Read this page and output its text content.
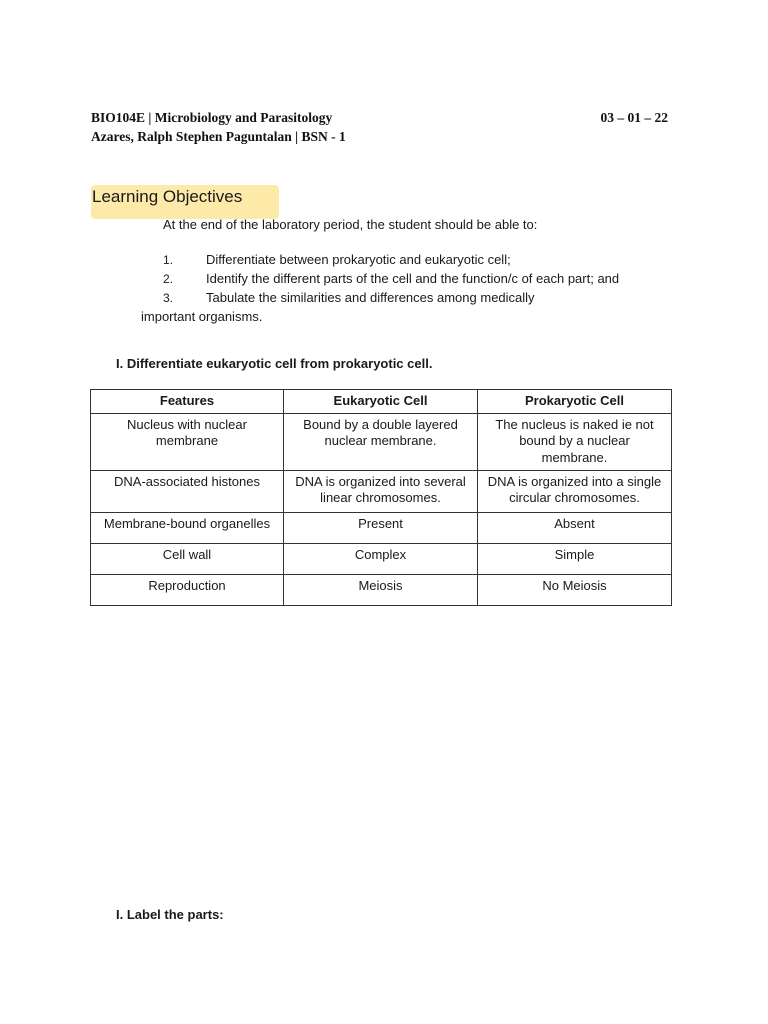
BIO104E | Microbiology and Parasitology
Azares, Ralph Stephen Paguntalan | BSN - 1
03 – 01 – 22
Learning Objectives
At the end of the laboratory period, the student should be able to:
1.	Differentiate between prokaryotic and eukaryotic cell;
2.	Identify the different parts of the cell and the function/c of each part; and
3.	Tabulate the similarities and differences among medically
important organisms.
I. Differentiate eukaryotic cell from prokaryotic cell.
Features	Eukaryotic Cell	Prokaryotic Cell
Nucleus with nuclear membrane	Bound by a double layered nuclear membrane.	The nucleus is naked ie not bound by a nuclear membrane.
DNA-associated histones	DNA is organized into several linear chromosomes.	DNA is organized into a single circular chromosomes.
Membrane-bound organelles	Present	Absent
Cell wall	Complex	Simple
Reproduction	Meiosis	No Meiosis
I. Label the parts:
